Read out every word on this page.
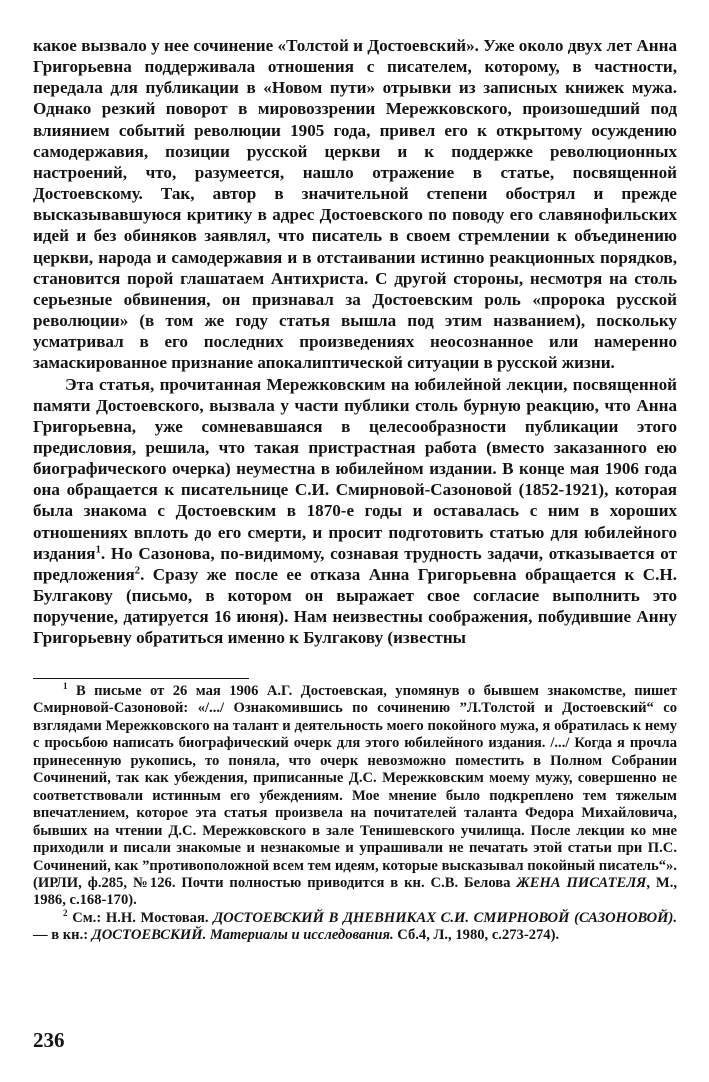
какое вызвало у нее сочинение «Толстой и Достоевский». Уже около двух лет Анна Григорьевна поддерживала отношения с писателем, которому, в частности, передала для публикации в «Новом пути» отрывки из записных книжек мужа. Однако резкий поворот в мировоззрении Мережковского, произошедший под влиянием событий революции 1905 года, привел его к открытому осуждению самодержавия, позиции русской церкви и к поддержке революционных настроений, что, разумеется, нашло отражение в статье, посвященной Достоевскому. Так, автор в значительной степени обострял и прежде высказывавшуюся критику в адрес Достоевского по поводу его славянофильских идей и без обиняков заявлял, что писатель в своем стремлении к объединению церкви, народа и самодержавия и в отстаивании истинно реакционных порядков, становится порой глашатаем Антихриста. С другой стороны, несмотря на столь серьезные обвинения, он признавал за Достоевским роль «пророка русской революции» (в том же году статья вышла под этим названием), поскольку усматривал в его последних произведениях неосознанное или намеренно замаскированное признание апокалиптической ситуации в русской жизни.

Эта статья, прочитанная Мережковским на юбилейной лекции, посвященной памяти Достоевского, вызвала у части публики столь бурную реакцию, что Анна Григорьевна, уже сомневавшаяся в целесообразности публикации этого предисловия, решила, что такая пристрастная работа (вместо заказанного ею биографического очерка) неуместна в юбилейном издании. В конце мая 1906 года она обращается к писательнице С.И. Смирновой-Сазоновой (1852-1921), которая была знакома с Достоевским в 1870-е годы и оставалась с ним в хороших отношениях вплоть до его смерти, и просит подготовить статью для юбилейного издания$^1$. Но Сазонова, по-видимому, сознавая трудность задачи, отказывается от предложения$^2$. Сразу же после ее отказа Анна Григорьевна обращается к С.Н. Булгакову (письмо, в котором он выражает свое согласие выполнить это поручение, датируется 16 июня). Нам неизвестны соображения, побудившие Анну Григорьевну обратиться именно к Булгакову (известны

$^1$ В письме от 26 мая 1906 А.Г. Достоевская, упомянув о бывшем знакомстве, пишет Смирновой-Сазоновой: «/.../ Ознакомившись по сочинению ”Л.Толстой и Достоевский“ со взглядами Мережковского на талант и деятельность моего покойного мужа, я обратилась к нему с просьбою написать биографический очерк для этого юбилейного издания. /.../ Когда я прочла принесенную рукопись, то поняла, что очерк невозможно поместить в Полном Собрании Сочинений, так как убеждения, приписанные Д.С. Мережковским моему мужу, совершенно не соответствовали истинным его убеждениям. Мое мнение было подкреплено тем тяжелым впечатлением, которое эта статья произвела на почитателей таланта Федора Михайловича, бывших на чтении Д.С. Мережковского в зале Тенишевского училища. После лекции ко мне приходили и писали знакомые и незнакомые и упрашивали не печатать этой статьи при П.С. Сочинений, как ”противоположной всем тем идеям, которые высказывал покойный писатель“». (ИРЛИ, ф.285, №126. Почти полностью приводится в кн. С.В. Белова ЖЕНА ПИСАТЕЛЯ, М., 1986, с.168-170).

$^2$ См.: Н.Н. Мостовая. ДОСТОЕВСКИЙ В ДНЕВНИКАХ С.И. СМИРНОВОЙ (САЗОНОВОЙ). — в кн.: ДОСТОЕВСКИЙ. Материалы и исследования. Сб.4, Л., 1980, с.273-274).

236
